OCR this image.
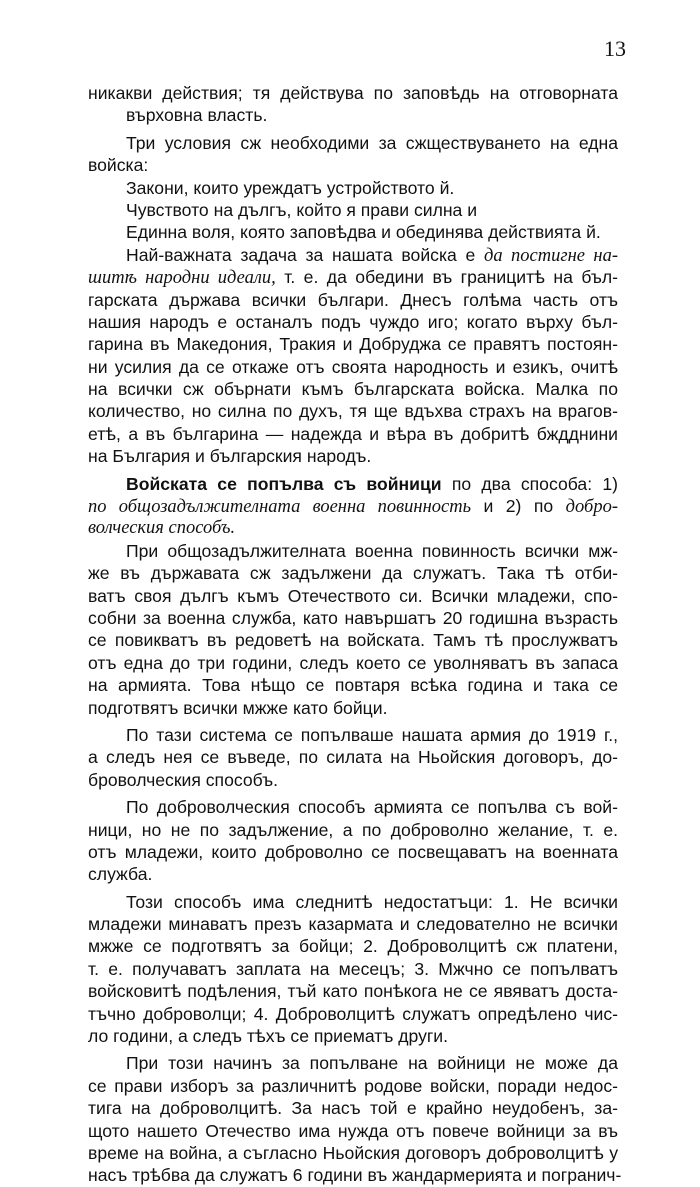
13
никакви действия; тя действува по заповѣдь на отговорната
върховна власть.
Три условия сж необходими за сжществуването на една
войска:
Закони, които уреждатъ устройството й.
Чувството на дългъ, който я прави силна и
Единна воля, която заповѣдва и обединява действията й.
Най-важната задача за нашата войска е да постигне на-
шитѣ народни идеали, т. е. да обедини въ границитѣ на бъл-
гарската държава всички българи. Днесъ голѣма часть отъ
нашия народъ е останалъ подъ чуждо иго; когато върху бъл-
гарина въ Македония, Тракия и Добруджа се правятъ постоян-
ни усилия да се откаже отъ своята народность и езикъ, очитѣ
на всички сж обърнати къмъ българската войска. Малка по
количество, но силна по духъ, тя ще вдъхва страхъ на врагов-
етѣ, а въ българина — надежда и вѣра въ добритѣ бждднини
на България и българския народъ.
Войската се попълва съ войници по два способа: 1)
по общозадължителната военна повинность и 2) по добро-
волческия способъ.
При общозадължителната военна повинность всички мж-
же въ държавата сж задължени да служатъ. Така тѣ отби-
ватъ своя дългъ къмъ Отечеството си. Всички младежи, спо-
собни за военна служба, като навършатъ 20 годишна възрасть
се повикватъ въ редоветѣ на войската. Тамъ тѣ прослужватъ
отъ една до три години, следъ което се уволняватъ въ запаса
на армията. Това нѣщо се повтаря всѣка година и така се
подготвятъ всички мжже като бойци.
По тази система се попълваше нашата армия до 1919 г.,
а следъ нея се въведе, по силата на Ньойския договоръ, до-
броволческия способъ.
По доброволческия способъ армията се попълва съ вой-
ници, но не по задължение, а по доброволно желание, т. е.
отъ младежи, които доброволно се посвещаватъ на военната
служба.
Този способъ има следнитѣ недостатъци: 1. Не всички
младежи минаватъ презъ казармата и следователно не всички
мжже се подготвятъ за бойци; 2. Доброволцитѣ сж платени,
т. е. получаватъ заплата на месецъ; 3. Мжчно се попълватъ
войсковитѣ подѣления, тъй като понѣкога не се явяватъ доста-
тъчно доброволци; 4. Доброволцитѣ служатъ опредѣлено чис-
ло години, а следъ тѣхъ се приематъ други.
При този начинъ за попълване на войници не може да
се прави изборъ за различнитѣ родове войски, поради недос-
тига на доброволцитѣ. За насъ той е крайно неудобенъ, за-
щото нашето Отечество има нужда отъ повече войници за въ
време на война, а съгласно Ньойския договоръ доброволцитѣ у
насъ трѣбва да служатъ 6 години въ жандармерията и погранич-
